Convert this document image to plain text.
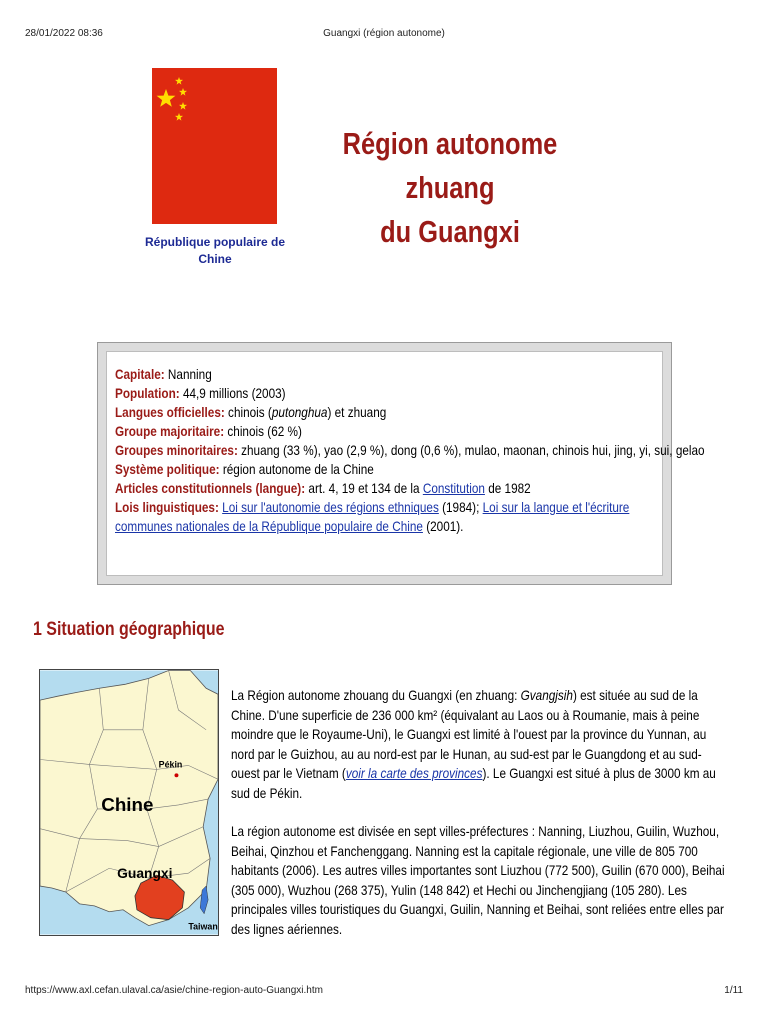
28/01/2022 08:36	Guangxi (région autonome)
République populaire de Chine
Région autonome zhuang
du Guangxi
Capitale: Nanning
Population: 44,9 millions (2003)
Langues officielles: chinois (putonghua) et zhuang
Groupe majoritaire: chinois (62 %)
Groupes minoritaires: zhuang (33 %), yao (2,9 %), dong (0,6 %), mulao, maonan, chinois hui, jing, yi, sui, gelao
Système politique: région autonome de la Chine
Articles constitutionnels (langue): art. 4, 19 et 134 de la Constitution de 1982
Lois linguistiques: Loi sur l'autonomie des régions ethniques (1984); Loi sur la langue et l'écriture communes nationales de la République populaire de Chine (2001).
1 Situation géographique
Pékin
Chine
Guangxi
Taiwan

La Région autonome zhouang du Guangxi (en zhuang: Gvangjsih) est située au sud de la Chine. D'une superficie de 236 000 km² (équivalant au Laos ou à Roumanie, mais à peine moindre que le Royaume-Uni), le Guangxi est limité à l'ouest par la province du Yunnan, au nord par le Guizhou, au au nord-est par le Hunan, au sud-est par le Guangdong et au sud-ouest par le Vietnam (voir la carte des provinces). Le Guangxi est situé à plus de 3000 km au sud de Pékin.

La région autonome est divisée en sept villes-préfectures : Nanning, Liuzhou, Guilin, Wuzhou, Beihai, Qinzhou et Fanchenggang. Nanning est la capitale régionale, une ville de 805 700 habitants (2006). Les autres villes importantes sont Liuzhou (772 500), Guilin (670 000), Beihai (305 000), Wuzhou (268 375), Yulin (148 842) et Hechi ou Jinchengjiang (105 280). Les principales villes touristiques du Guangxi, Guilin, Nanning et Beihai, sont reliées entre elles par des lignes aériennes.

https://www.axl.cefan.ulaval.ca/asie/chine-region-auto-Guangxi.htm	1/11
